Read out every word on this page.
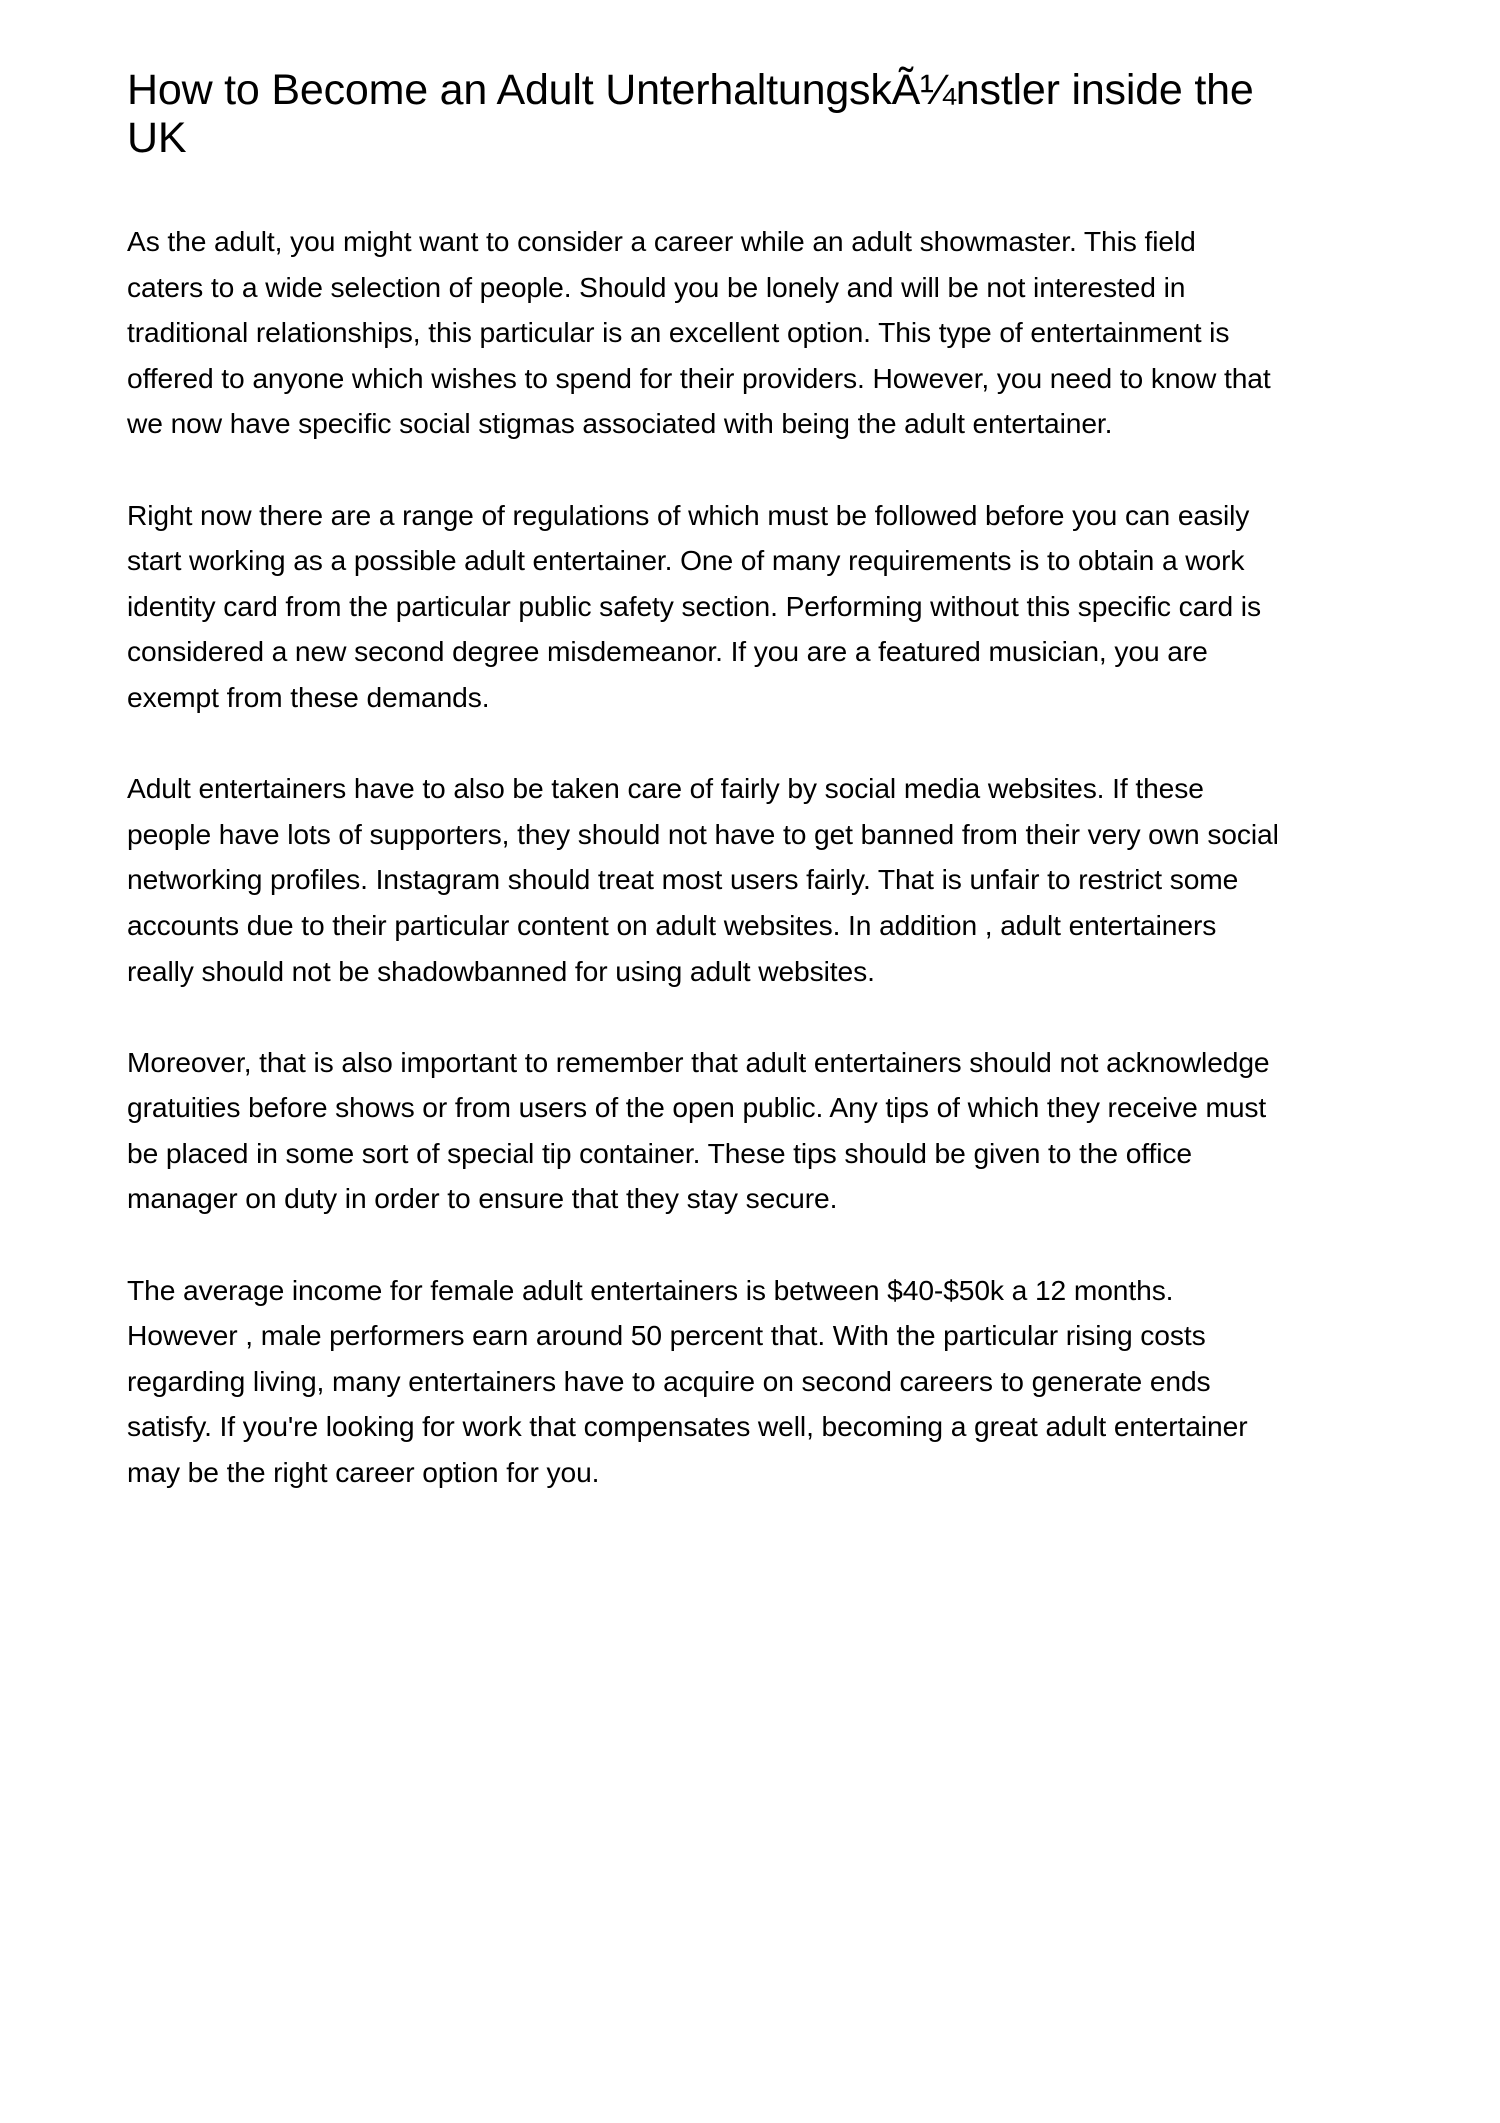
How to Become an Adult UnterhaltungskÃ¼nstler inside the
UK

As the adult, you might want to consider a career while an adult showmaster. This field
caters to a wide selection of people. Should you be lonely and will be not interested in
traditional relationships, this particular is an excellent option. This type of entertainment is
offered to anyone which wishes to spend for their providers. However, you need to know that
we now have specific social stigmas associated with being the adult entertainer.

Right now there are a range of regulations of which must be followed before you can easily
start working as a possible adult entertainer. One of many requirements is to obtain a work
identity card from the particular public safety section. Performing without this specific card is
considered a new second degree misdemeanor. If you are a featured musician, you are
exempt from these demands.

Adult entertainers have to also be taken care of fairly by social media websites. If these
people have lots of supporters, they should not have to get banned from their very own social
networking profiles. Instagram should treat most users fairly. That is unfair to restrict some
accounts due to their particular content on adult websites. In addition , adult entertainers
really should not be shadowbanned for using adult websites.

Moreover, that is also important to remember that adult entertainers should not acknowledge
gratuities before shows or from users of the open public. Any tips of which they receive must
be placed in some sort of special tip container. These tips should be given to the office
manager on duty in order to ensure that they stay secure.

The average income for female adult entertainers is between $40-$50k a 12 months.
However , male performers earn around 50 percent that. With the particular rising costs
regarding living, many entertainers have to acquire on second careers to generate ends
satisfy. If you're looking for work that compensates well, becoming a great adult entertainer
may be the right career option for you.
